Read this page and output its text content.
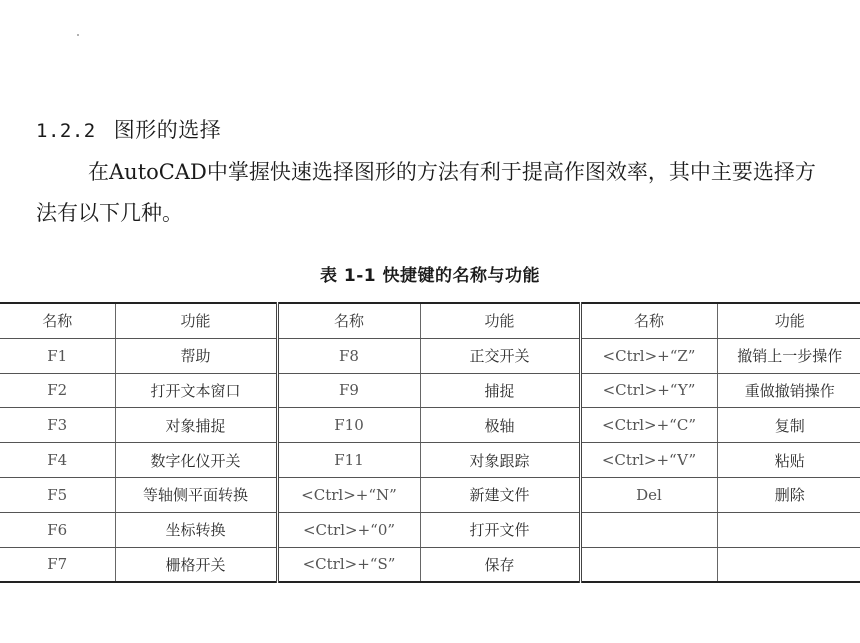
1.2.2 图形的选择

在AutoCAD中掌握快速选择图形的方法有利于提高作图效率，其中主要选择方法有以下几种。

表 1-1 快捷键的名称与功能
名称	功能	名称	功能	名称	功能
F1	帮助	F8	正交开关	<Ctrl>+“Z”	撤销上一步操作
F2	打开文本窗口	F9	捕捉	<Ctrl>+“Y”	重做撤销操作
F3	对象捕捉	F10	极轴	<Ctrl>+“C”	复制
F4	数字化仪开关	F11	对象跟踪	<Ctrl>+“V”	粘贴
F5	等轴侧平面转换	<Ctrl>+“N”	新建文件	Del	删除
F6	坐标转换	<Ctrl>+“0”	打开文件		
F7	栅格开关	<Ctrl>+“S”	保存		
